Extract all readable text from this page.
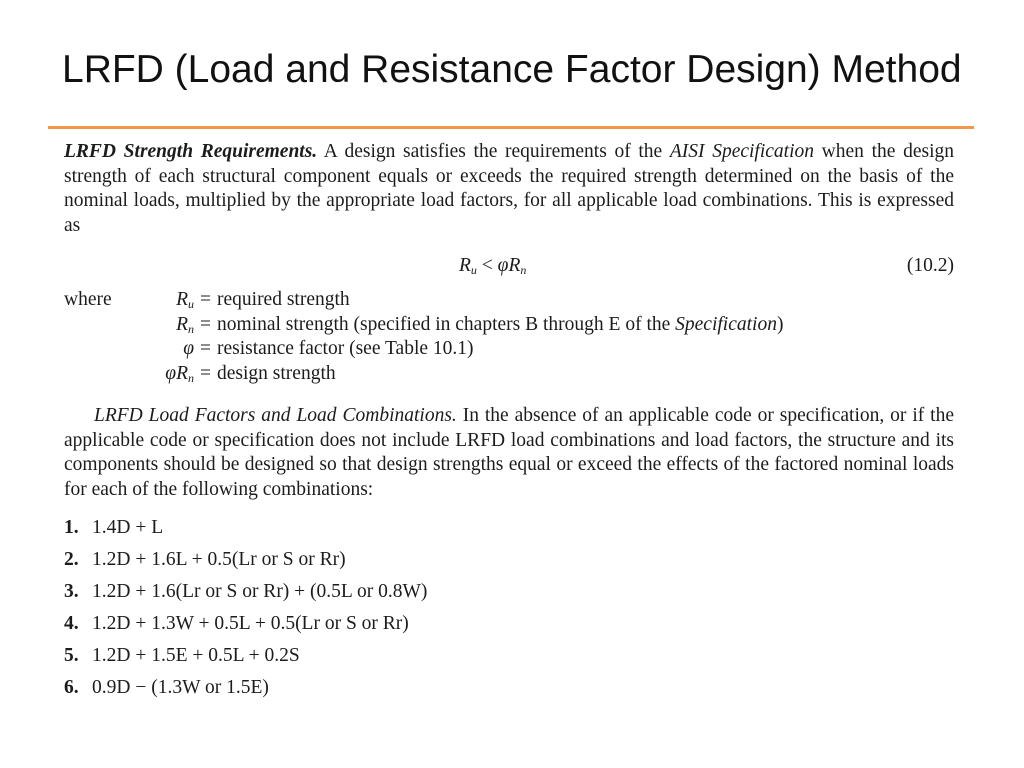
LRFD (Load and Resistance Factor Design) Method

LRFD Strength Requirements. A design satisfies the requirements of the AISI Specification when the design strength of each structural component equals or exceeds the required strength determined on the basis of the nominal loads, multiplied by the appropriate load factors, for all applicable load combinations. This is expressed as

$R_u < \varphi R_n$	(10.2)
where	$R_u$ = required strength
$R_n$ = nominal strength (specified in chapters B through E of the Specification)
φ = resistance factor (see Table 10.1)
$\varphi R_n$ = design strength

LRFD Load Factors and Load Combinations. In the absence of an applicable code or specification, or if the applicable code or specification does not include LRFD load combinations and load factors, the structure and its components should be designed so that design strengths equal or exceed the effects of the factored nominal loads for each of the following combinations:

1. 1.4D + L
2. 1.2D + 1.6L + 0.5(Lr or S or Rr)
3. 1.2D + 1.6(Lr or S or Rr) + (0.5L or 0.8W)
4. 1.2D + 1.3W + 0.5L + 0.5(Lr or S or Rr)
5. 1.2D + 1.5E + 0.5L + 0.2S
6. 0.9D − (1.3W or 1.5E)
